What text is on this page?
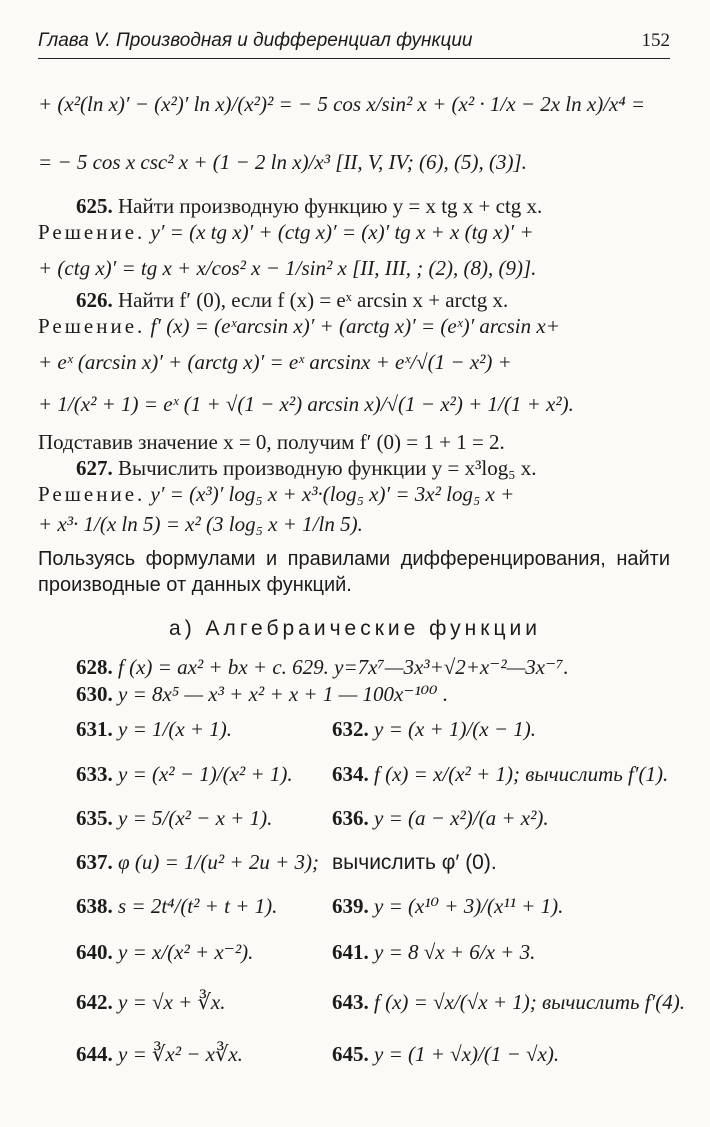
Глава V. Производная и дифференциал функции	152
+ (x²(ln x)′ − (x²)′ ln x)/(x²)² = − 5 cos x/sin² x + (x² · 1/x − 2x ln x)/x⁴ =
= − 5 cos x csc² x + (1 − 2 ln x)/x³ [II, V, IV; (6), (5), (3)].
625. Найти производную функцию y = x tg x + ctg x.
Решение. y′ = (x tg x)′ + (ctg x)′ = (x)′ tg x + x (tg x)′ +
+ (ctg x)′ = tg x + x/cos² x − 1/sin² x [II, III, ; (2), (8), (9)].
626. Найти f′ (0), если f (x) = eˣ arcsin x + arctg x.
Решение. f′ (x) = (eˣarcsin x)′ + (arctg x)′ = (eˣ)′ arcsin x+
+ eˣ (arcsin x)′ + (arctg x)′ = eˣ arcsinx + eˣ/√(1 − x²) +
+ 1/(x² + 1) = eˣ (1 + √(1 − x²) arcsin x)/√(1 − x²) + 1/(1 + x²).
Подставив значение x = 0, получим f′ (0) = 1 + 1 = 2.
627. Вычислить производную функции y = x³log₅ x.
Решение. y′ = (x³)′ log₅ x + x³·(log₅ x)′ = 3x² log₅ x +
+ x³· 1/(x ln 5) = x² (3 log₅ x + 1/ln 5).
Пользуясь формулами и правилами дифференцирования, найти производные от данных функций.
а) Алгебраические функции
628. f (x) = ax² + bx + c. 629. y=7x⁷—3x³+√2+x⁻²—3x⁻⁷.
630. y = 8x⁵ — x³ + x² + x + 1 — 100x⁻¹⁰⁰ .
631. y = 1/(x + 1).	632. y = (x + 1)/(x − 1).
633. y = (x² − 1)/(x² + 1). 634. f (x) = x/(x² + 1); вычислить f′(1).
635. y = 5/(x² − x + 1).	636. y = (a − x²)/(a + x²).
637. φ (u) = 1/(u² + 2u + 3); вычислить φ′ (0).
638. s = 2t⁴/(t² + t + 1).	639. y = (x¹⁰ + 3)/(x¹¹ + 1).
640. y = x/(x² + x⁻²).	641. y = 8 √x + 6/x + 3.
642. y = √x + ∛x.	643. f (x) = √x/(√x + 1); вычислить f′(4).
644. y = ∛x² − x∛x.	645. y = (1 + √x)/(1 − √x).
